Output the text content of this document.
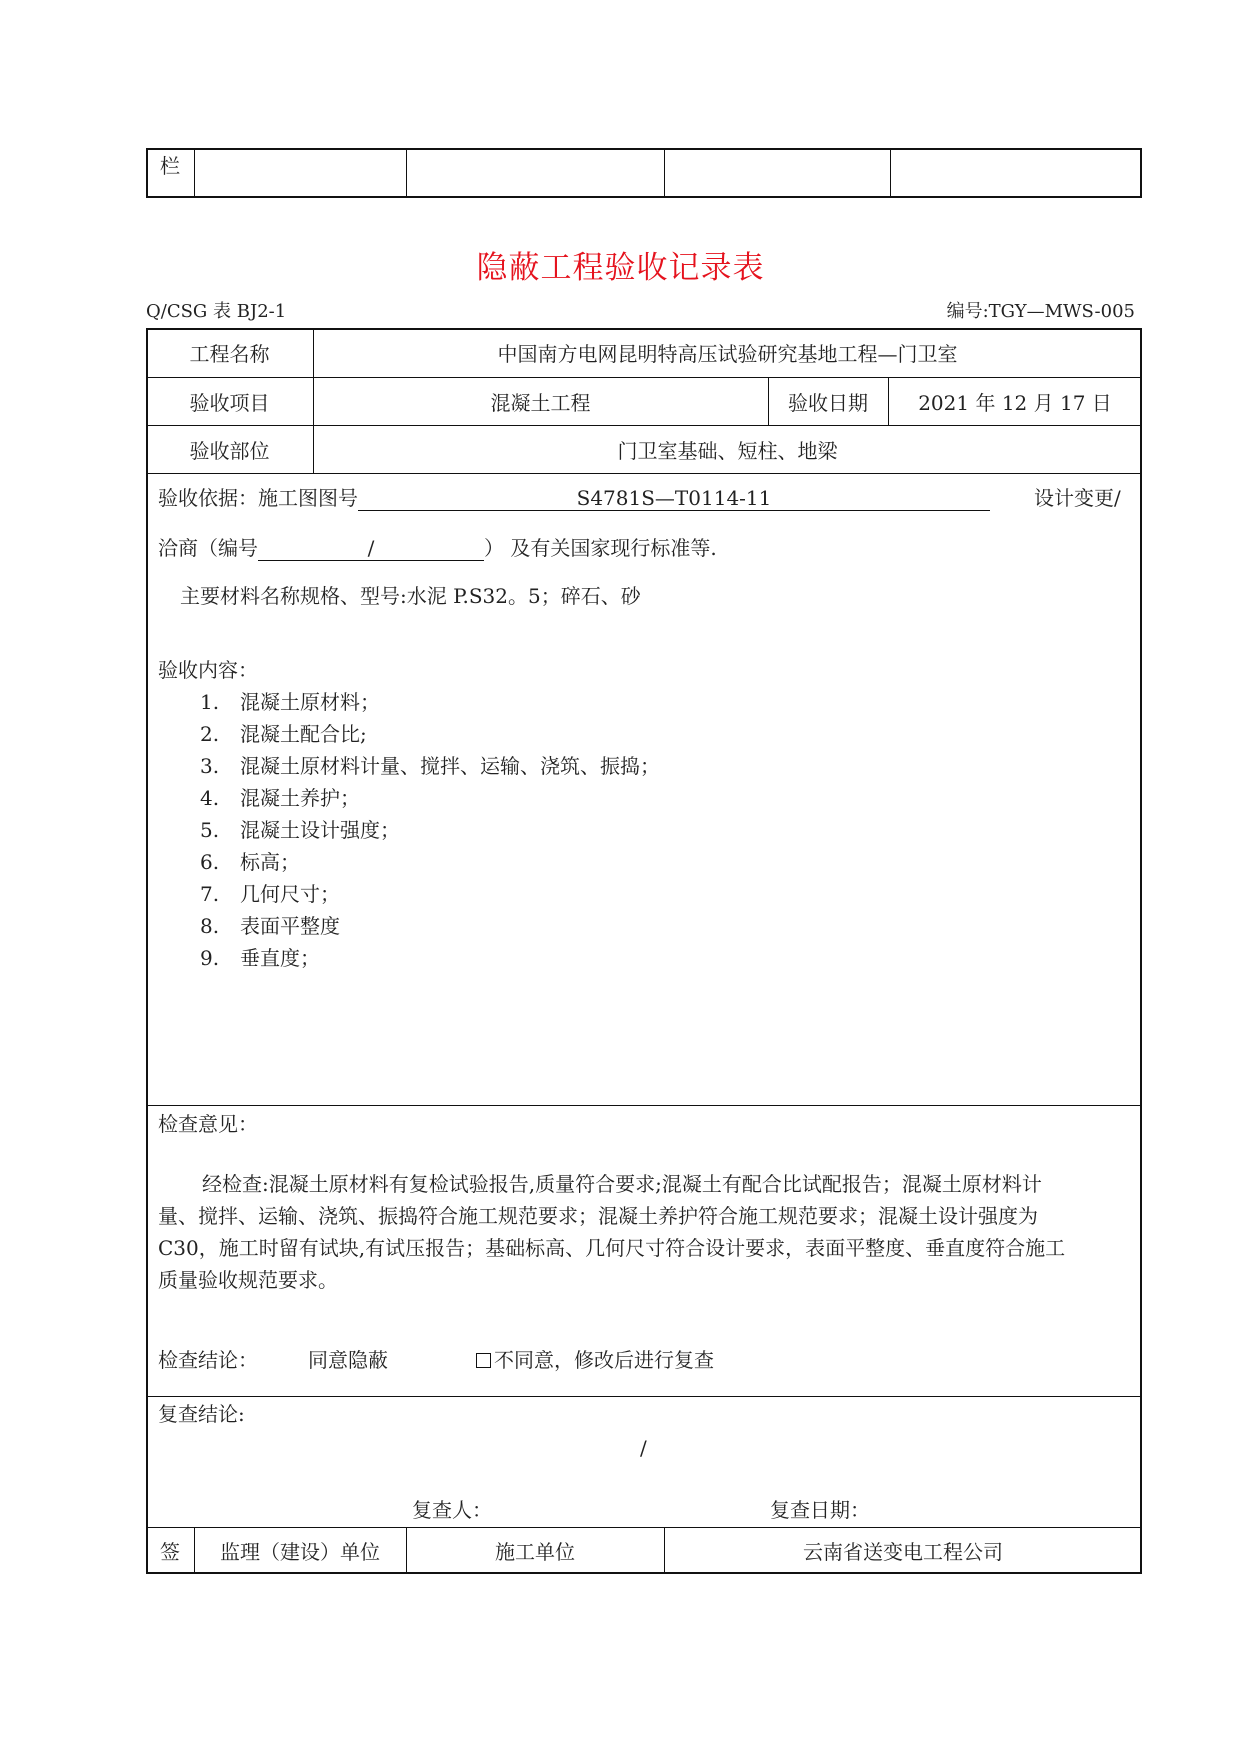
栏
隐蔽工程验收记录表
Q/CSG 表 BJ2-1	编号:TGY—MWS-005
工程名称	中国南方电网昆明特高压试验研究基地工程—门卫室
验收项目	混凝土工程	验收日期	2021 年 12 月 17 日
验收部位	门卫室基础、短柱、地梁
验收依据：施工图图号	S4781S—T0114-11	设计变更/
洽商（编号	/	） 及有关国家现行标准等.
主要材料名称规格、型号:水泥 P.S32。5；碎石、砂
验收内容：
1. 混凝土原材料；
2. 混凝土配合比;
3. 混凝土原材料计量、搅拌、运输、浇筑、振捣；
4. 混凝土养护；
5. 混凝土设计强度；
6. 标高；
7. 几何尺寸；
8. 表面平整度
9. 垂直度；
检查意见：
经检查:混凝土原材料有复检试验报告,质量符合要求;混凝土有配合比试配报告；混凝土原材料计
量、搅拌、运输、浇筑、振捣符合施工规范要求；混凝土养护符合施工规范要求；混凝土设计强度为
C30，施工时留有试块,有试压报告；基础标高、几何尺寸符合设计要求，表面平整度、垂直度符合施工
质量验收规范要求。
检查结论：	同意隐蔽	不同意，修改后进行复查
复查结论:
/
复查人：	复查日期：
签	监理（建设）单位	施工单位	云南省送变电工程公司
